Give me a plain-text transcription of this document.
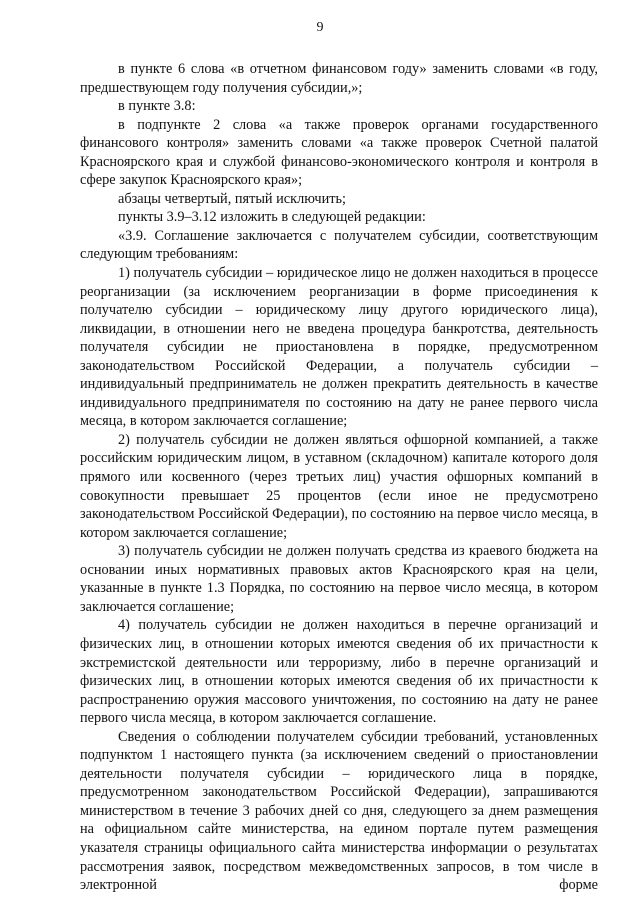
9

в пункте 6 слова «в отчетном финансовом году» заменить словами «в году, предшествующем году получения субсидии,»;

в пункте 3.8:

в подпункте 2 слова «а также проверок органами государственного финансового контроля» заменить словами «а также проверок Счетной палатой Красноярского края и службой финансово-экономического контроля и контроля в сфере закупок Красноярского края»;

абзацы четвертый, пятый исключить;

пункты 3.9–3.12 изложить в следующей редакции:

«3.9. Соглашение заключается с получателем субсидии, соответствующим следующим требованиям:

1) получатель субсидии – юридическое лицо не должен находиться в процессе реорганизации (за исключением реорганизации в форме присоединения к получателю субсидии – юридическому лицу другого юридического лица), ликвидации, в отношении него не введена процедура банкротства, деятельность получателя субсидии не приостановлена в порядке, предусмотренном законодательством Российской Федерации, а получатель субсидии – индивидуальный предприниматель не должен прекратить деятельность в качестве индивидуального предпринимателя по состоянию на дату не ранее первого числа месяца, в котором заключается соглашение;

2) получатель субсидии не должен являться офшорной компанией, а также российским юридическим лицом, в уставном (складочном) капитале которого доля прямого или косвенного (через третьих лиц) участия офшорных компаний в совокупности превышает 25 процентов (если иное не предусмотрено законодательством Российской Федерации), по состоянию на первое число месяца, в котором заключается соглашение;

3) получатель субсидии не должен получать средства из краевого бюджета на основании иных нормативных правовых актов Красноярского края на цели, указанные в пункте 1.3 Порядка, по состоянию на первое число месяца, в котором заключается соглашение;

4) получатель субсидии не должен находиться в перечне организаций и физических лиц, в отношении которых имеются сведения об их причастности к экстремистской деятельности или терроризму, либо в перечне организаций и физических лиц, в отношении которых имеются сведения об их причастности к распространению оружия массового уничтожения, по состоянию на дату не ранее первого числа месяца, в котором заключается соглашение.

Сведения о соблюдении получателем субсидии требований, установленных подпунктом 1 настоящего пункта (за исключением сведений о приостановлении деятельности получателя субсидии – юридического лица в порядке, предусмотренном законодательством Российской Федерации), запрашиваются министерством в течение 3 рабочих дней со дня, следующего за днем размещения на официальном сайте министерства, на едином портале путем размещения указателя страницы официального сайта министерства информации о результатах рассмотрения заявок, посредством межведомственных запросов, в том числе в электронной форме
